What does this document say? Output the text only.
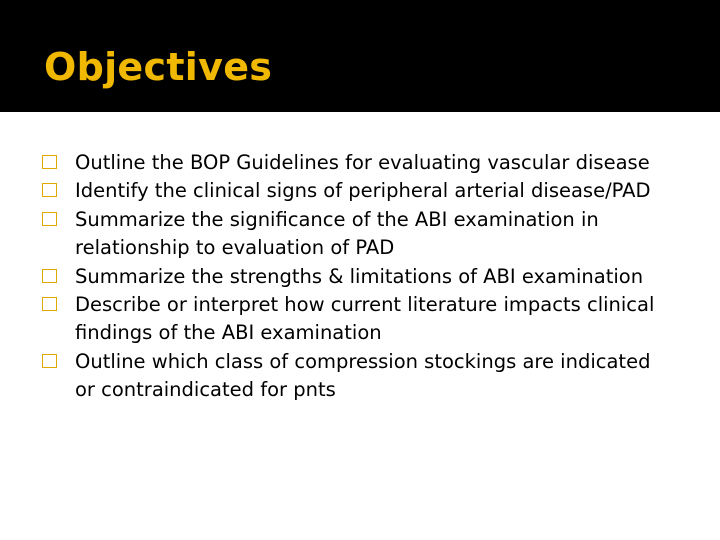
Objectives
Outline the BOP Guidelines for evaluating vascular disease
Identify the clinical signs of peripheral arterial disease/PAD
Summarize the significance of the ABI examination in relationship to evaluation of PAD
Summarize the strengths & limitations of ABI examination
Describe or interpret how current literature impacts clinical findings of the ABI examination
Outline which class of compression stockings are indicated or contraindicated for pnts
